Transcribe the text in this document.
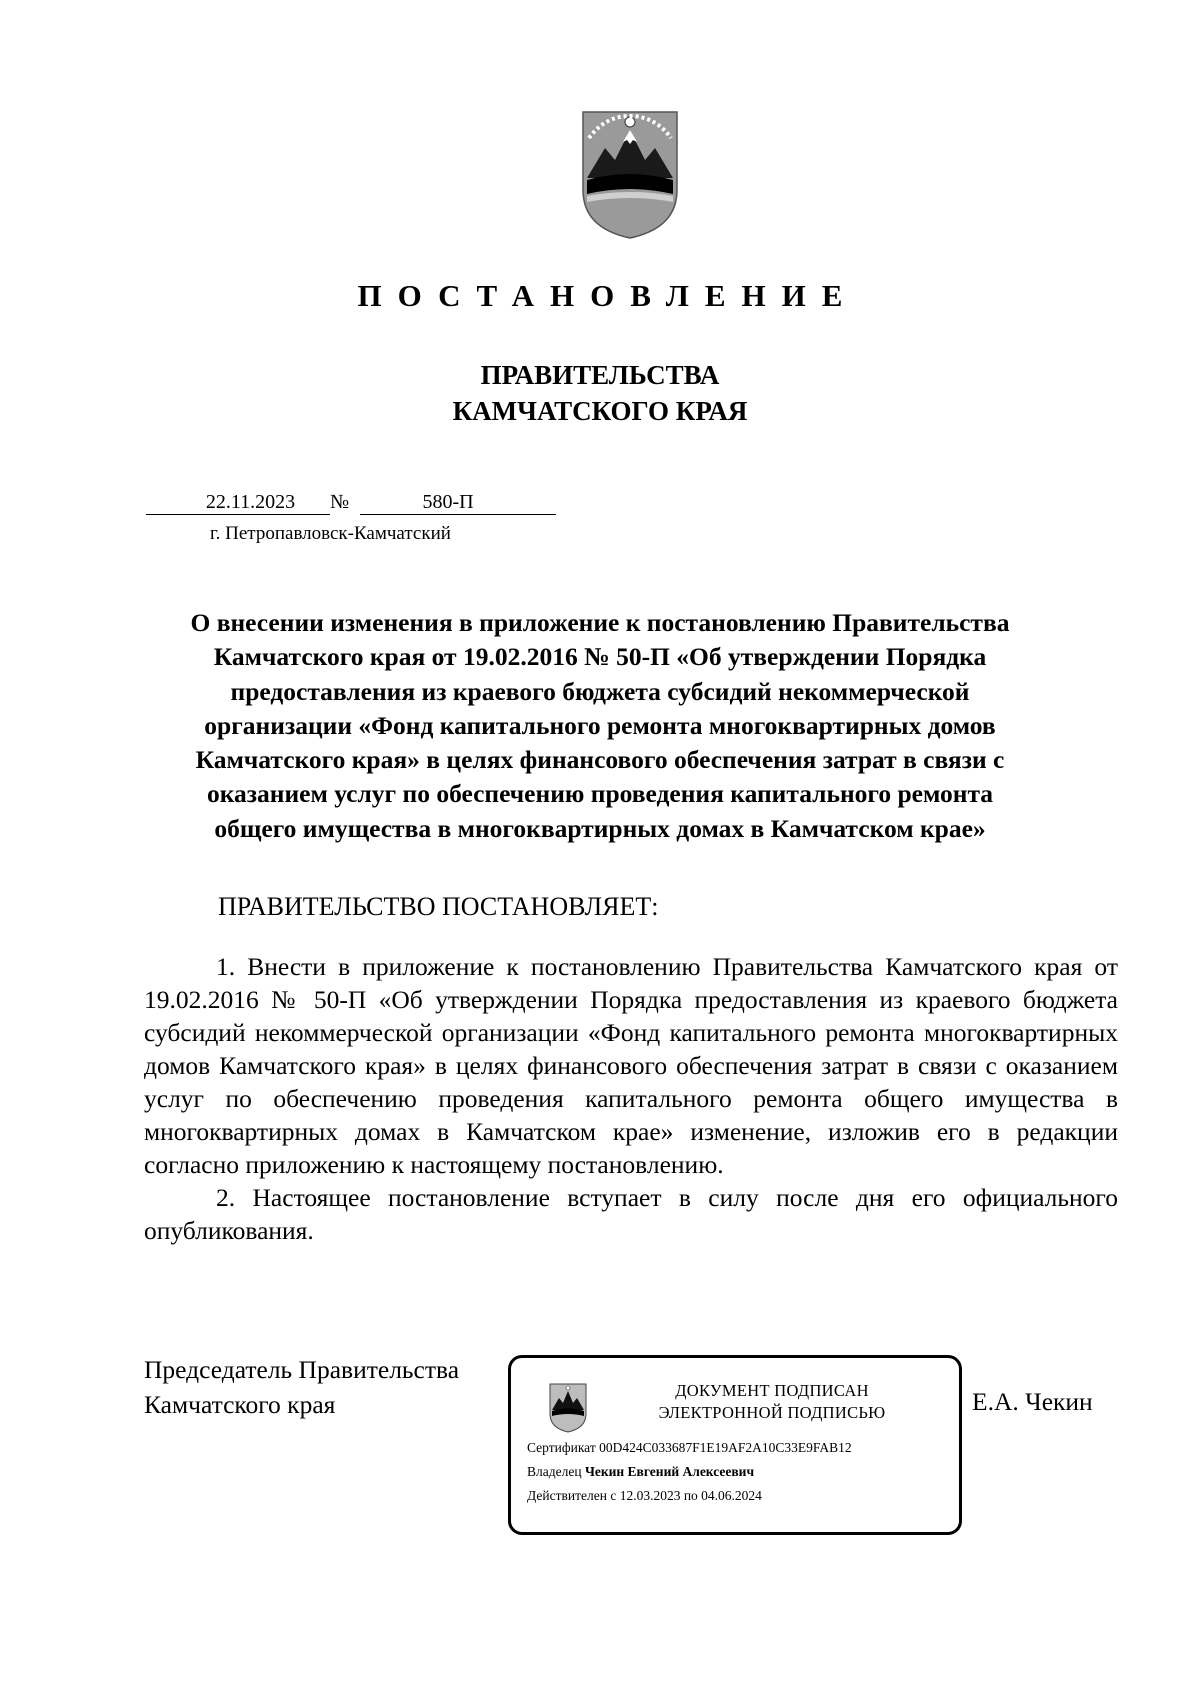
ПОСТАНОВЛЕНИЕ
ПРАВИТЕЛЬСТВА
КАМЧАТСКОГО КРАЯ
22.11.2023	№	580-П
г. Петропавловск-Камчатский
О внесении изменения в приложение к постановлению Правительства
Камчатского края от 19.02.2016 № 50-П «Об утверждении Порядка
предоставления из краевого бюджета субсидий некоммерческой
организации «Фонд капитального ремонта многоквартирных домов
Камчатского края» в целях финансового обеспечения затрат в связи с
оказанием услуг по обеспечению проведения капитального ремонта
общего имущества в многоквартирных домах в Камчатском крае»
ПРАВИТЕЛЬСТВО ПОСТАНОВЛЯЕТ:

1. Внести в приложение к постановлению Правительства Камчатского края от 19.02.2016 № 50-П «Об утверждении Порядка предоставления из краевого бюджета субсидий некоммерческой организации «Фонд капитального ремонта многоквартирных домов Камчатского края» в целях финансового обеспечения затрат в связи с оказанием услуг по обеспечению проведения капитального ремонта общего имущества в многоквартирных домах в Камчатском крае» изменение, изложив его в редакции согласно приложению к настоящему постановлению.

2. Настоящее постановление вступает в силу после дня его официального опубликования.

Председатель Правительства
Камчатского края	ДОКУМЕНТ ПОДПИСАН
ЭЛЕКТРОННОЙ ПОДПИСЬЮ
Сертификат 00D424C033687F1E19AF2A10C33E9FAB12
Владелец Чекин Евгений Алексеевич
Действителен с 12.03.2023 по 04.06.2024
Е.А. Чекин
